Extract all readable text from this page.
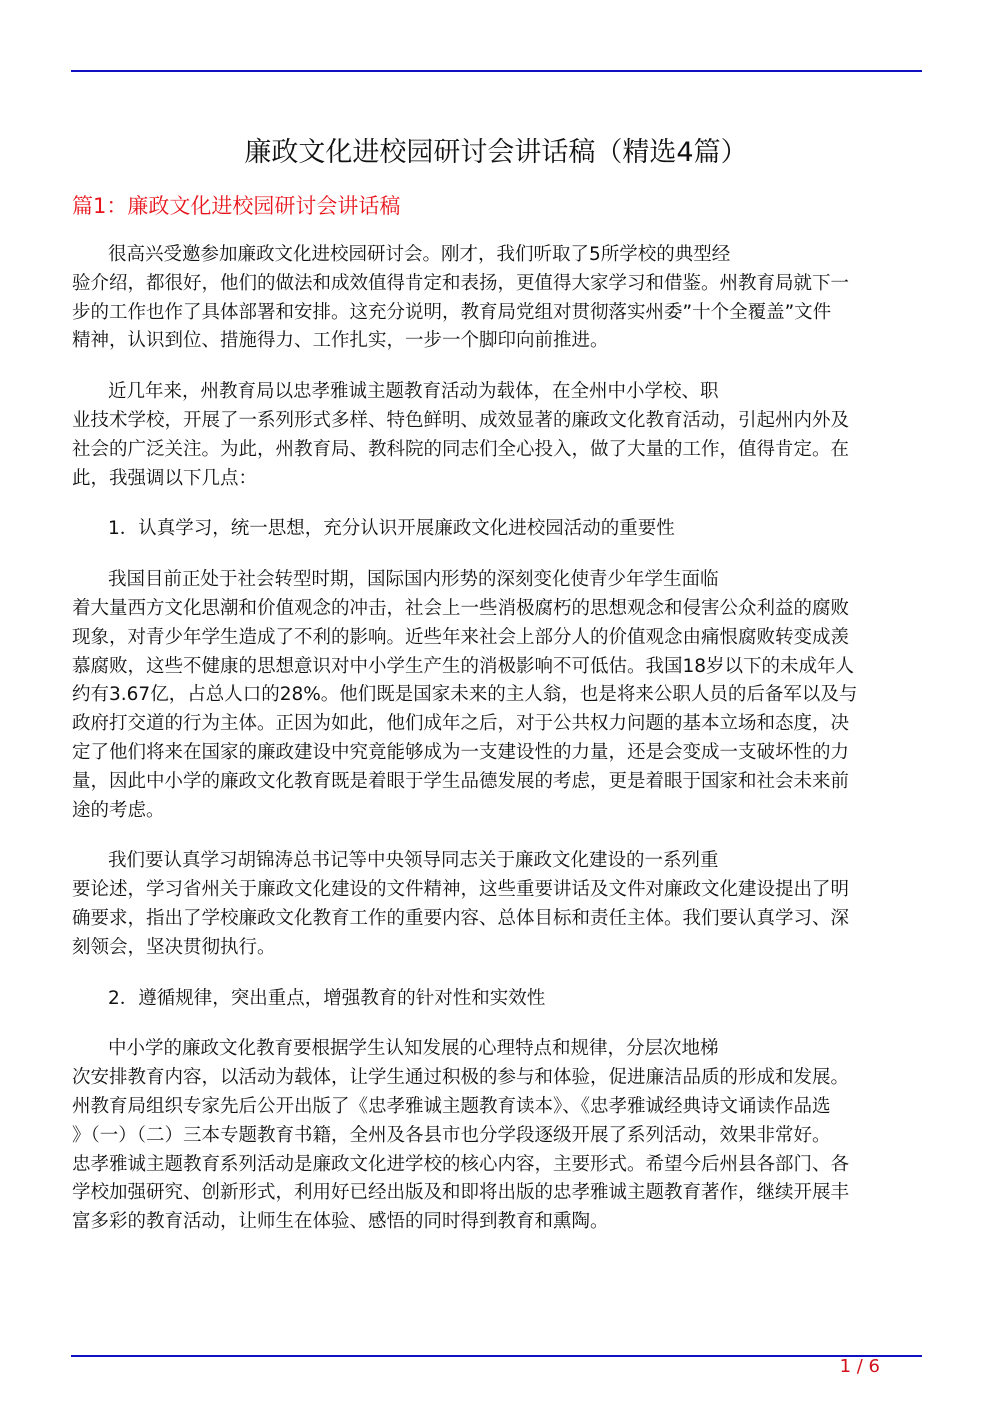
廉政文化进校园研讨会讲话稿（精选4篇）
篇1：廉政文化进校园研讨会讲话稿
很高兴受邀参加廉政文化进校园研讨会。刚才，我们听取了5所学校的典型经
验介绍，都很好，他们的做法和成效值得肯定和表扬，更值得大家学习和借鉴。州教育局就下一
步的工作也作了具体部署和安排。这充分说明，教育局党组对贯彻落实州委”十个全覆盖”文件
精神，认识到位、措施得力、工作扎实，一步一个脚印向前推进。
近几年来，州教育局以忠孝雅诚主题教育活动为载体，在全州中小学校、职
业技术学校，开展了一系列形式多样、特色鲜明、成效显著的廉政文化教育活动，引起州内外及
社会的广泛关注。为此，州教育局、教科院的同志们全心投入，做了大量的工作，值得肯定。在
此，我强调以下几点：
1．认真学习，统一思想，充分认识开展廉政文化进校园活动的重要性
我国目前正处于社会转型时期，国际国内形势的深刻变化使青少年学生面临
着大量西方文化思潮和价值观念的冲击，社会上一些消极腐朽的思想观念和侵害公众利益的腐败
现象，对青少年学生造成了不利的影响。近些年来社会上部分人的价值观念由痛恨腐败转变成羡
慕腐败，这些不健康的思想意识对中小学生产生的消极影响不可低估。我国18岁以下的未成年人
约有3.67亿，占总人口的28%。他们既是国家未来的主人翁，也是将来公职人员的后备军以及与
政府打交道的行为主体。正因为如此，他们成年之后，对于公共权力问题的基本立场和态度，决
定了他们将来在国家的廉政建设中究竟能够成为一支建设性的力量，还是会变成一支破坏性的力
量，因此中小学的廉政文化教育既是着眼于学生品德发展的考虑，更是着眼于国家和社会未来前
途的考虑。
我们要认真学习胡锦涛总书记等中央领导同志关于廉政文化建设的一系列重
要论述，学习省州关于廉政文化建设的文件精神，这些重要讲话及文件对廉政文化建设提出了明
确要求，指出了学校廉政文化教育工作的重要内容、总体目标和责任主体。我们要认真学习、深
刻领会，坚决贯彻执行。
2．遵循规律，突出重点，增强教育的针对性和实效性
中小学的廉政文化教育要根据学生认知发展的心理特点和规律，分层次地梯
次安排教育内容，以活动为载体，让学生通过积极的参与和体验，促进廉洁品质的形成和发展。
州教育局组织专家先后公开出版了《忠孝雅诚主题教育读本》、《忠孝雅诚经典诗文诵读作品选
》（一）（二）三本专题教育书籍，全州及各县市也分学段逐级开展了系列活动，效果非常好。
忠孝雅诚主题教育系列活动是廉政文化进学校的核心内容，主要形式。希望今后州县各部门、各
学校加强研究、创新形式，利用好已经出版及和即将出版的忠孝雅诚主题教育著作，继续开展丰
富多彩的教育活动，让师生在体验、感悟的同时得到教育和熏陶。
1 / 6
